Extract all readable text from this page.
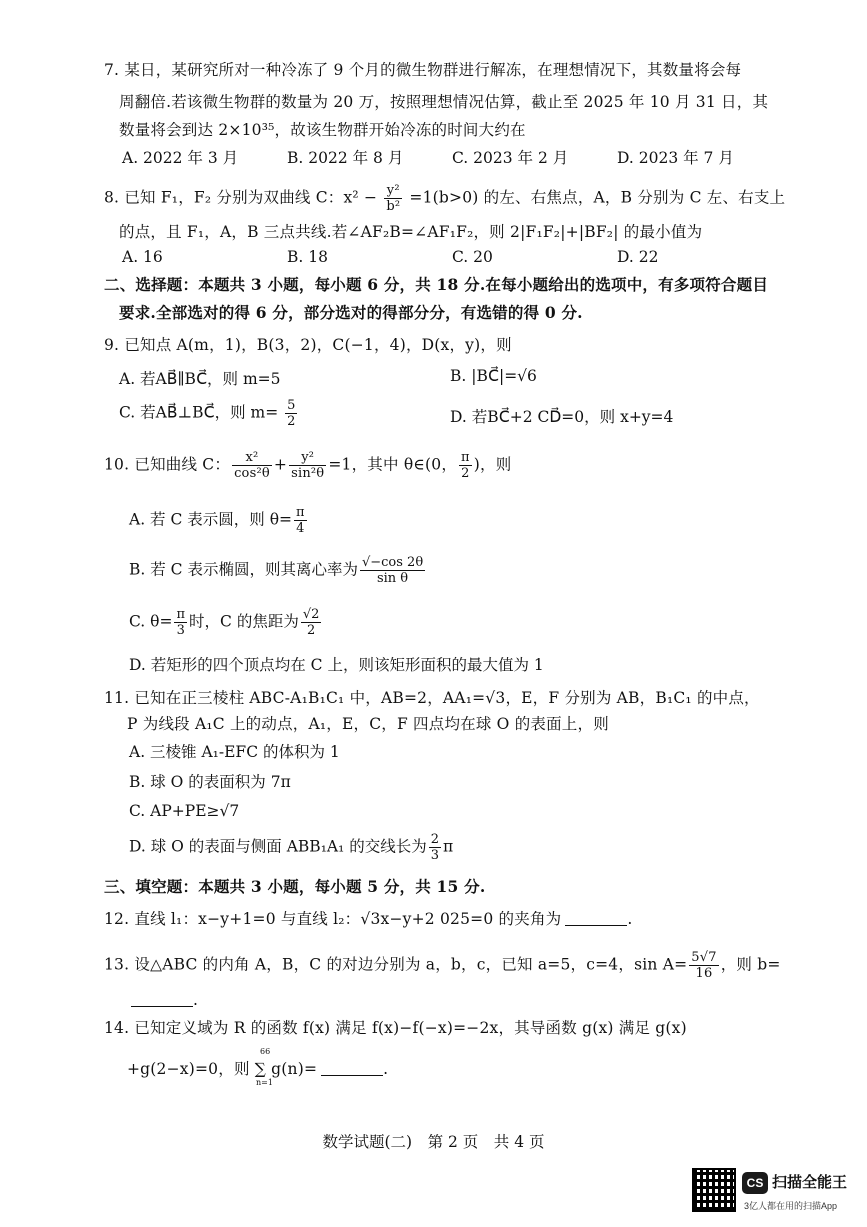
7. 某日，某研究所对一种冷冻了 9 个月的微生物群进行解冻，在理想情况下，其数量将会每
周翻倍.若该微生物群的数量为 20 万，按照理想情况估算，截止至 2025 年 10 月 31 日，其
数量将会到达 2×10³⁵，故该生物群开始冷冻的时间大约在
A. 2022 年 3 月	B. 2022 年 8 月	C. 2023 年 2 月	D. 2023 年 7 月
8. 已知 F₁，F₂ 分别为双曲线 C：$x^2 - \frac{\text{y²}}{\text{b²}} =1(b>0)$ 的左、右焦点，A，B 分别为 C 左、右支上
的点，且 F₁，A，B 三点共线.若∠AF₂B=∠AF₁F₂，则 2|F₁F₂|+|BF₂| 的最小值为
A. 16	B. 18	C. 20	D. 22
二、选择题：本题共 3 小题，每小题 6 分，共 18 分.在每小题给出的选项中，有多项符合题目
要求.全部选对的得 6 分，部分选对的得部分分，有选错的得 0 分.
9. 已知点 A(m，1)，B(3，2)，C(−1，4)，D(x，y)，则
A. 若AB⃗∥BC⃗，则 m=5	B. |BC⃗|=√6
C. 若AB⃗⊥BC⃗，则 $m= \frac{5}{2}$	D. 若BC⃗+2 CD⃗=0，则 x+y=4
10. 已知曲线 C： $\frac{\text{x²}}{\text{cos²θ}} + \frac{\text{y²}}{\text{sin²θ}} =1$，其中 θ∈(0， $\frac{\pi}{2}$ )，则
A. 若 C 表示圆，则 $\theta= \frac{\pi}{4}$
B. 若 C 表示椭圆，则其离心率为 $\frac{√-\cos 2\theta}{\text{sin θ}}$
C. $\theta= \frac{\pi}{3}$ 时，C 的焦距为 $\frac{√2}{2}$
D. 若矩形的四个顶点均在 C 上，则该矩形面积的最大值为 1
11. 已知在正三棱柱 ABC-A₁B₁C₁ 中，AB=2，AA₁=√3，E，F 分别为 AB，B₁C₁ 的中点，
P 为线段 A₁C 上的动点，A₁，E，C，F 四点均在球 O 的表面上，则
A. 三棱锥 A₁-EFC 的体积为 1
B. 球 O 的表面积为 7π
C. AP+PE≥√7
D. 球 O 的表面与侧面 ABB₁A₁ 的交线长为 $\frac{2}{3}$ π
三、填空题：本题共 3 小题，每小题 5 分，共 15 分.
12. 直线 l₁：x−y+1=0 与直线 l₂：√3x−y+2 025=0 的夹角为	.
13. 设△ABC 的内角 A，B，C 的对边分别为 a，b，c，已知 a=5，c=4，$\sin A= \frac{5√7}{16}$ ，则 b=
.
14. 已知定义域为 R 的函数 f(x) 满足 f(x)−f(−x)=−2x，其导函数 g(x) 满足 g(x)
+g(2−x)=0，则 ∑ g(n)=	.
66
n=1
数学试题(二)　第 2 页　共 4 页
CS 扫描全能王
3亿人都在用的扫描App
